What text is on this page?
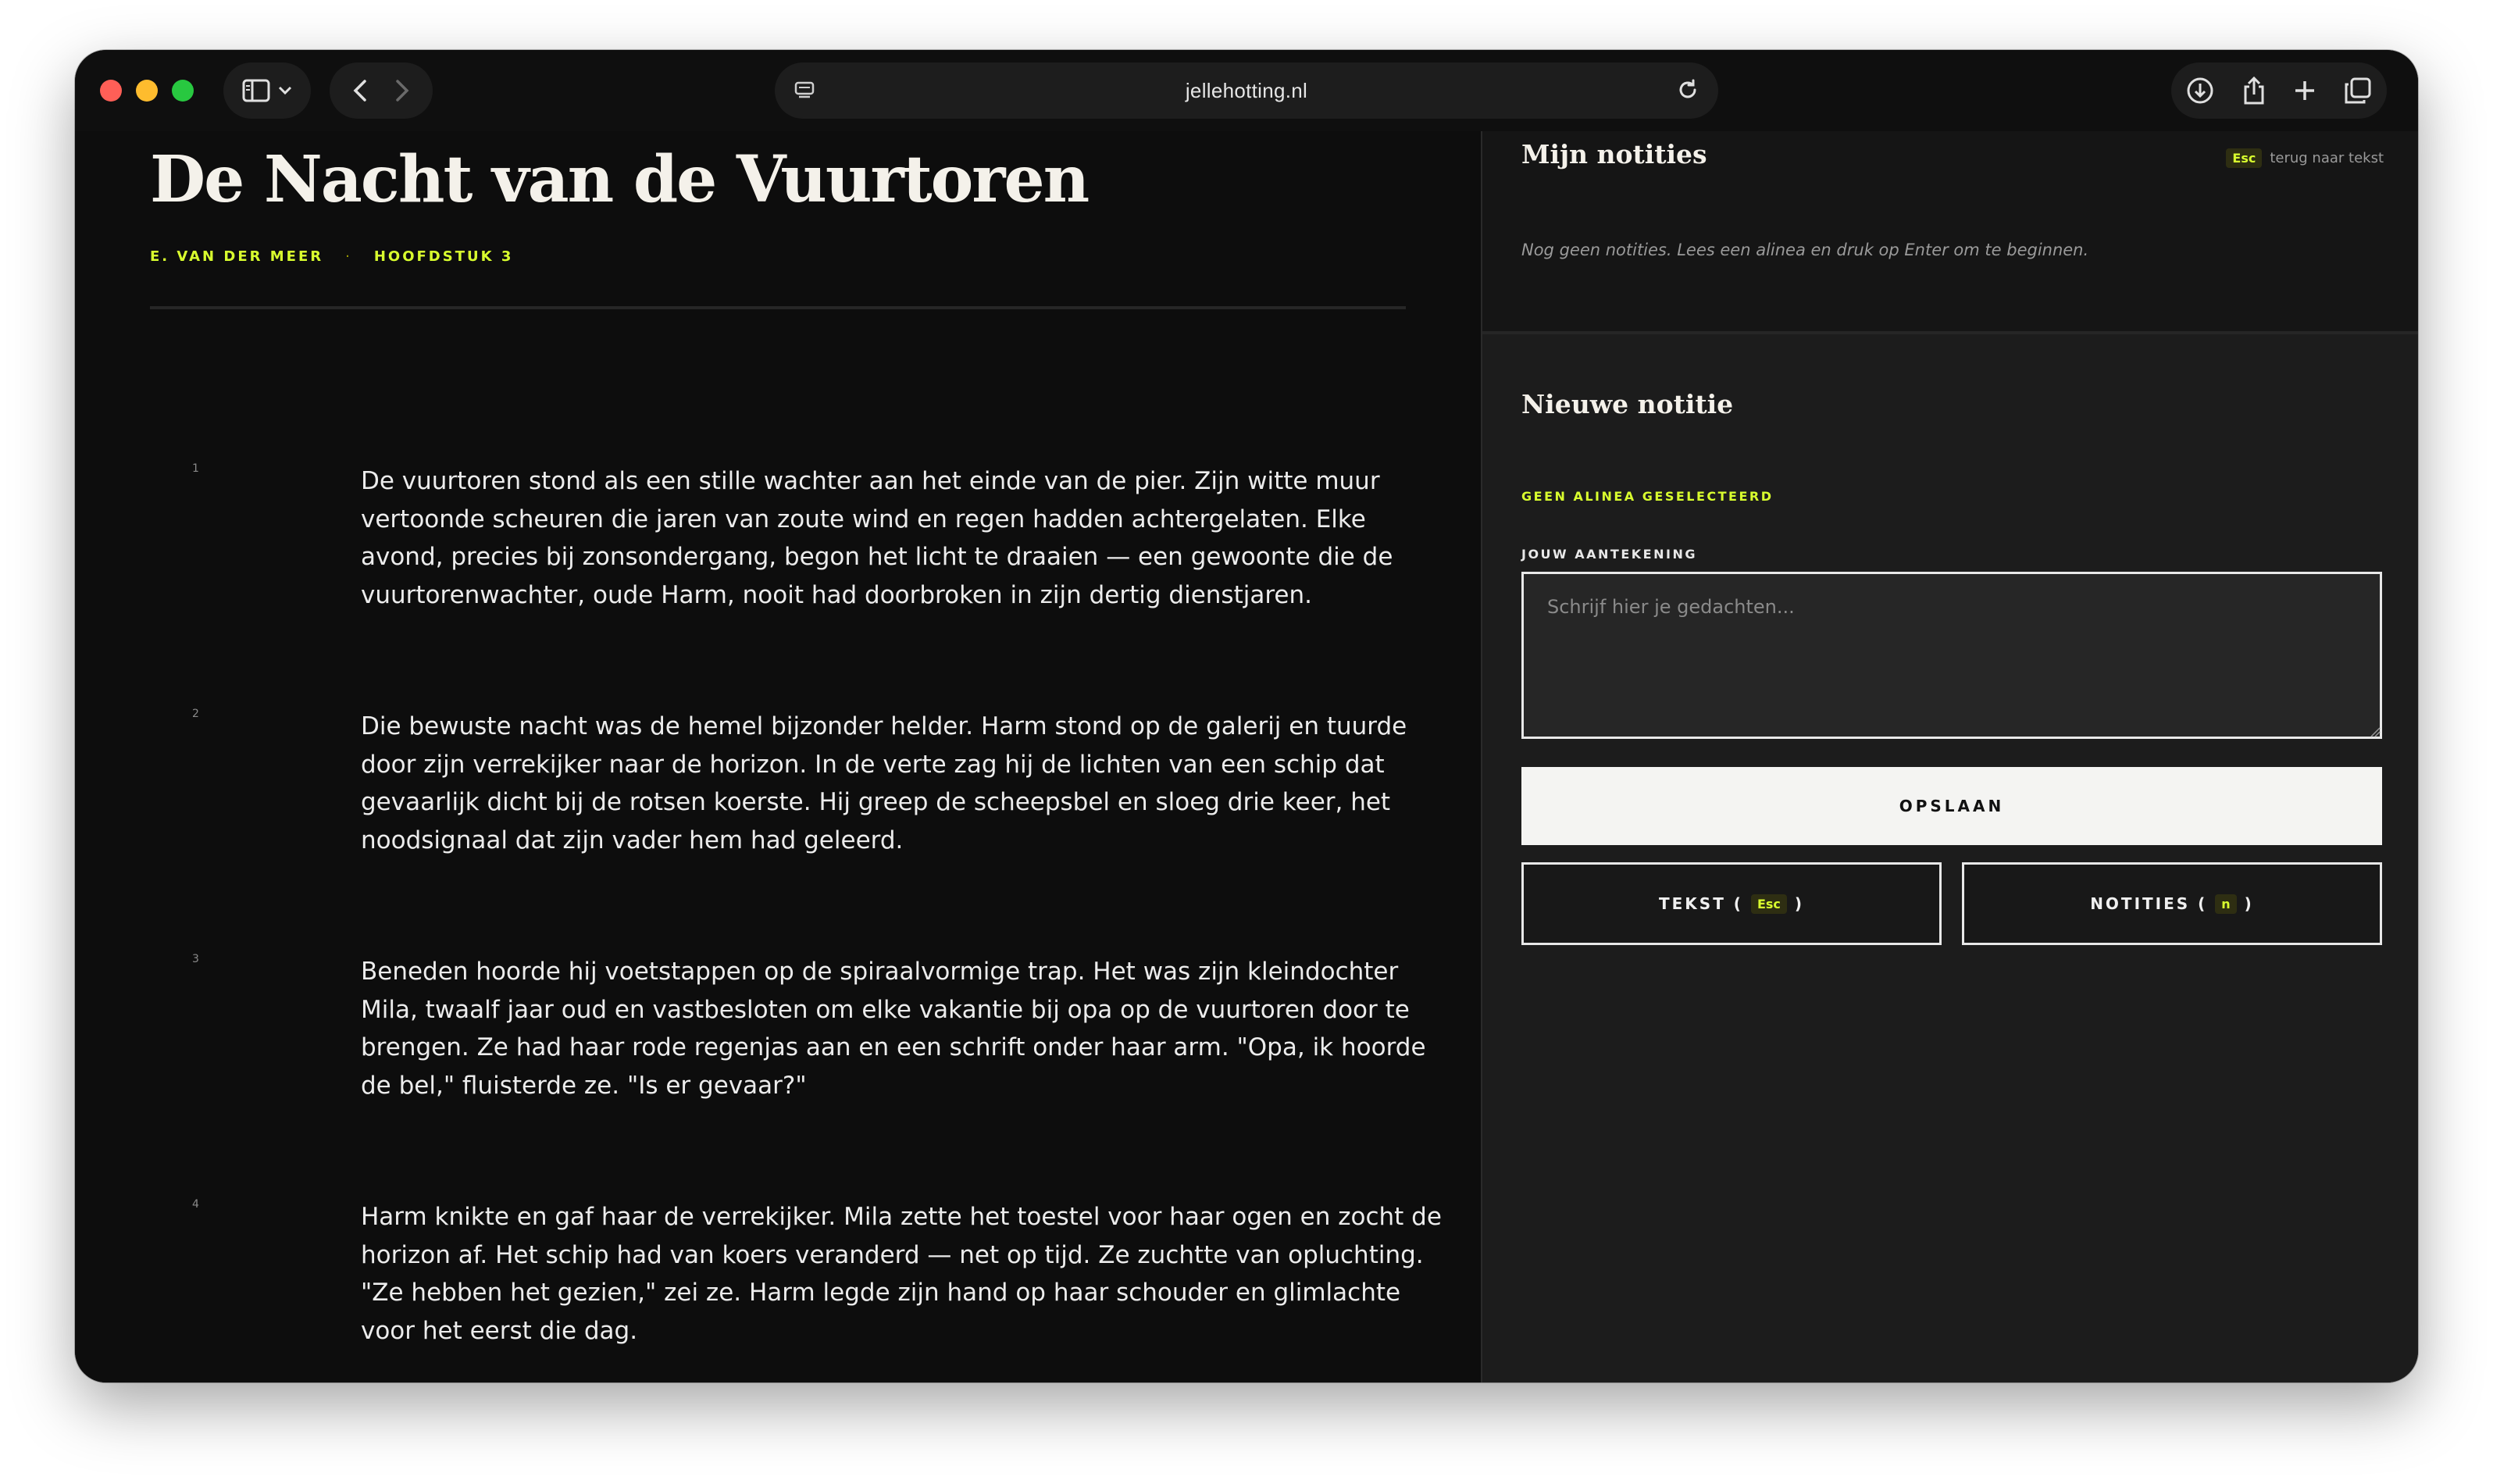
jellehotting.nl
De Nacht van de Vuurtoren
E. VAN DER MEER · HOOFDSTUK 3
1	De vuurtoren stond als een stille wachter aan het einde van de pier. Zijn witte muur vertoonde scheuren die jaren van zoute wind en regen hadden achtergelaten. Elke avond, precies bij zonsondergang, begon het licht te draaien — een gewoonte die de vuurtorenwachter, oude Harm, nooit had doorbroken in zijn dertig dienstjaren.

2	Die bewuste nacht was de hemel bijzonder helder. Harm stond op de galerij en tuurde door zijn verrekijker naar de horizon. In de verte zag hij de lichten van een schip dat gevaarlijk dicht bij de rotsen koerste. Hij greep de scheepsbel en sloeg drie keer, het noodsignaal dat zijn vader hem had geleerd.

3	Beneden hoorde hij voetstappen op de spiraalvormige trap. Het was zijn kleindochter Mila, twaalf jaar oud en vastbesloten om elke vakantie bij opa op de vuurtoren door te brengen. Ze had haar rode regenjas aan en een schrift onder haar arm. "Opa, ik hoorde de bel," fluisterde ze. "Is er gevaar?"

4	Harm knikte en gaf haar de verrekijker. Mila zette het toestel voor haar ogen en zocht de horizon af. Het schip had van koers veranderd — net op tijd. Ze zuchtte van opluchting. "Ze hebben het gezien," zei ze. Harm legde zijn hand op haar schouder en glimlachte voor het eerst die dag.

Mijn notities	Esc	terug naar tekst

Nog geen notities. Lees een alinea en druk op Enter om te beginnen.

Nieuwe notitie
GEEN ALINEA GESELECTEERD
JOUW AANTEKENING
Schrijf hier je gedachten...
OPSLAAN
TEKST (	Esc )	NOTITIES (	n )
